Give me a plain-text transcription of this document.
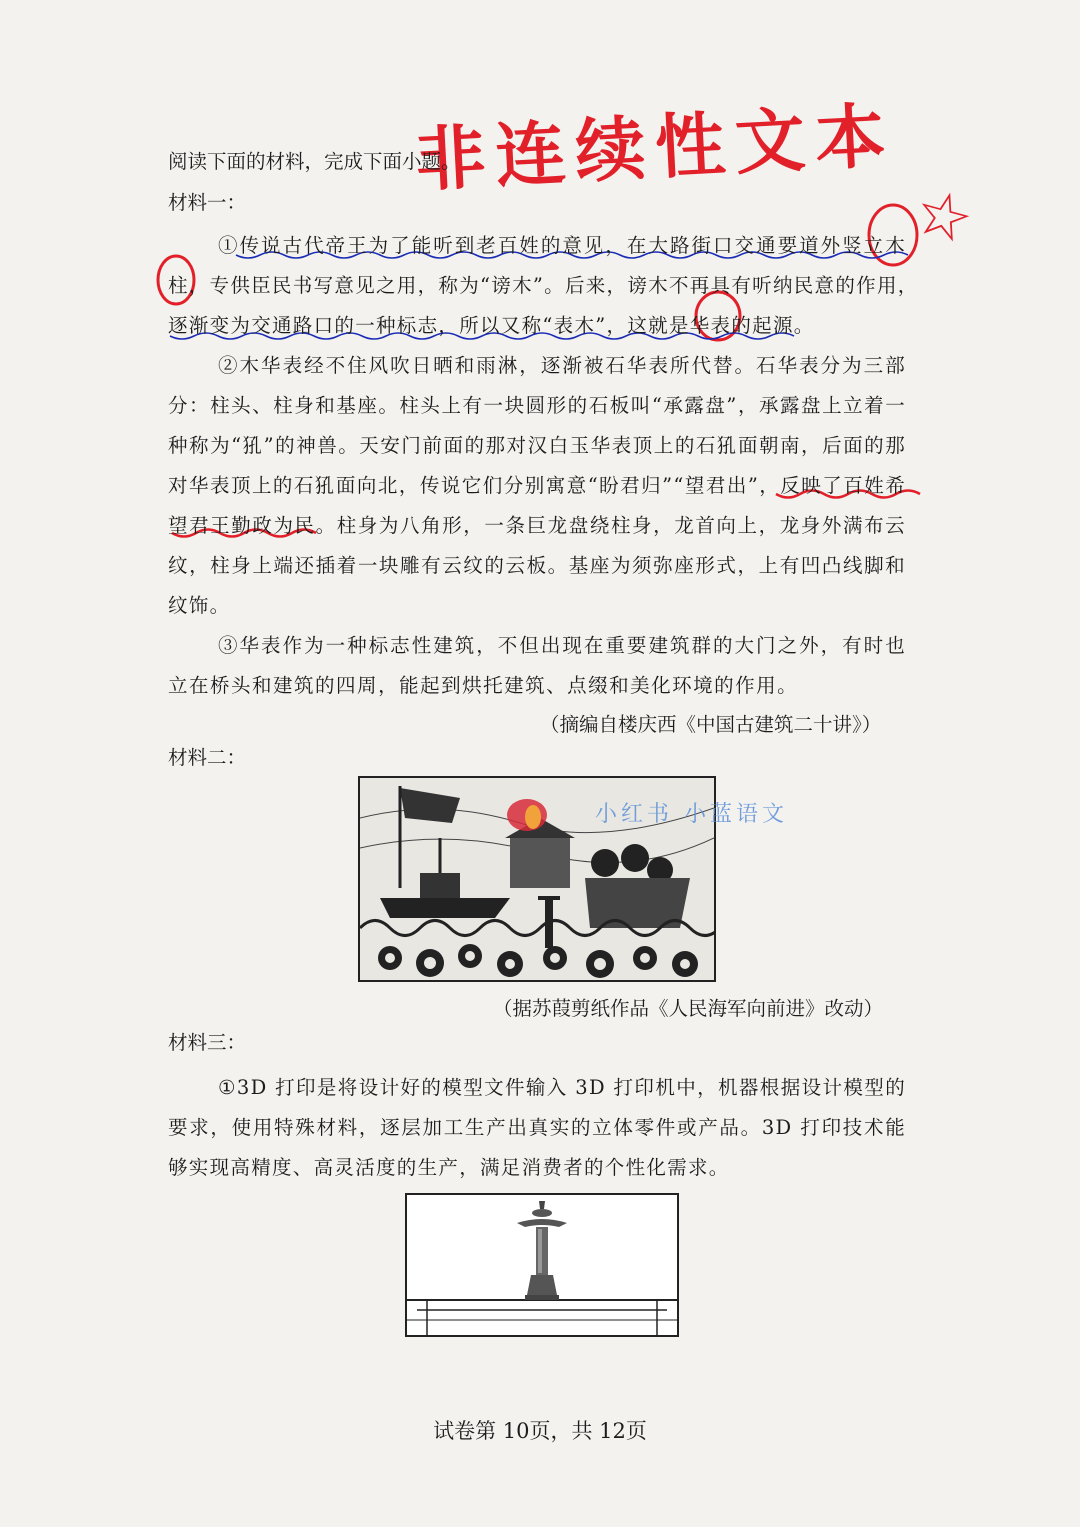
非连续性文本
☆
阅读下面的材料，完成下面小题。
材料一：
①传说古代帝王为了能听到老百姓的意见，在大路街口交通要道外竖立木
柱，专供臣民书写意见之用，称为“谤木”。后来，谤木不再具有听纳民意的作用，
逐渐变为交通路口的一种标志，所以又称“表木”，这就是华表的起源。
②木华表经不住风吹日晒和雨淋，逐渐被石华表所代替。石华表分为三部
分：柱头、柱身和基座。柱头上有一块圆形的石板叫“承露盘”，承露盘上立着一
种称为“犼”的神兽。天安门前面的那对汉白玉华表顶上的石犼面朝南，后面的那
对华表顶上的石犼面向北，传说它们分别寓意“盼君归”“望君出”，反映了百姓希
望君王勤政为民。柱身为八角形，一条巨龙盘绕柱身，龙首向上，龙身外满布云
纹，柱身上端还插着一块雕有云纹的云板。基座为须弥座形式，上有凹凸线脚和
纹饰。
③华表作为一种标志性建筑，不但出现在重要建筑群的大门之外，有时也
立在桥头和建筑的四周，能起到烘托建筑、点缀和美化环境的作用。
（摘编自楼庆西《中国古建筑二十讲》）
材料二：
小红书 小蓝语文
（据苏葭剪纸作品《人民海军向前进》改动）
材料三：
①3D 打印是将设计好的模型文件输入 3D 打印机中，机器根据设计模型的
要求，使用特殊材料，逐层加工生产出真实的立体零件或产品。3D 打印技术能
够实现高精度、高灵活度的生产，满足消费者的个性化需求。
试卷第 10页，共 12页
